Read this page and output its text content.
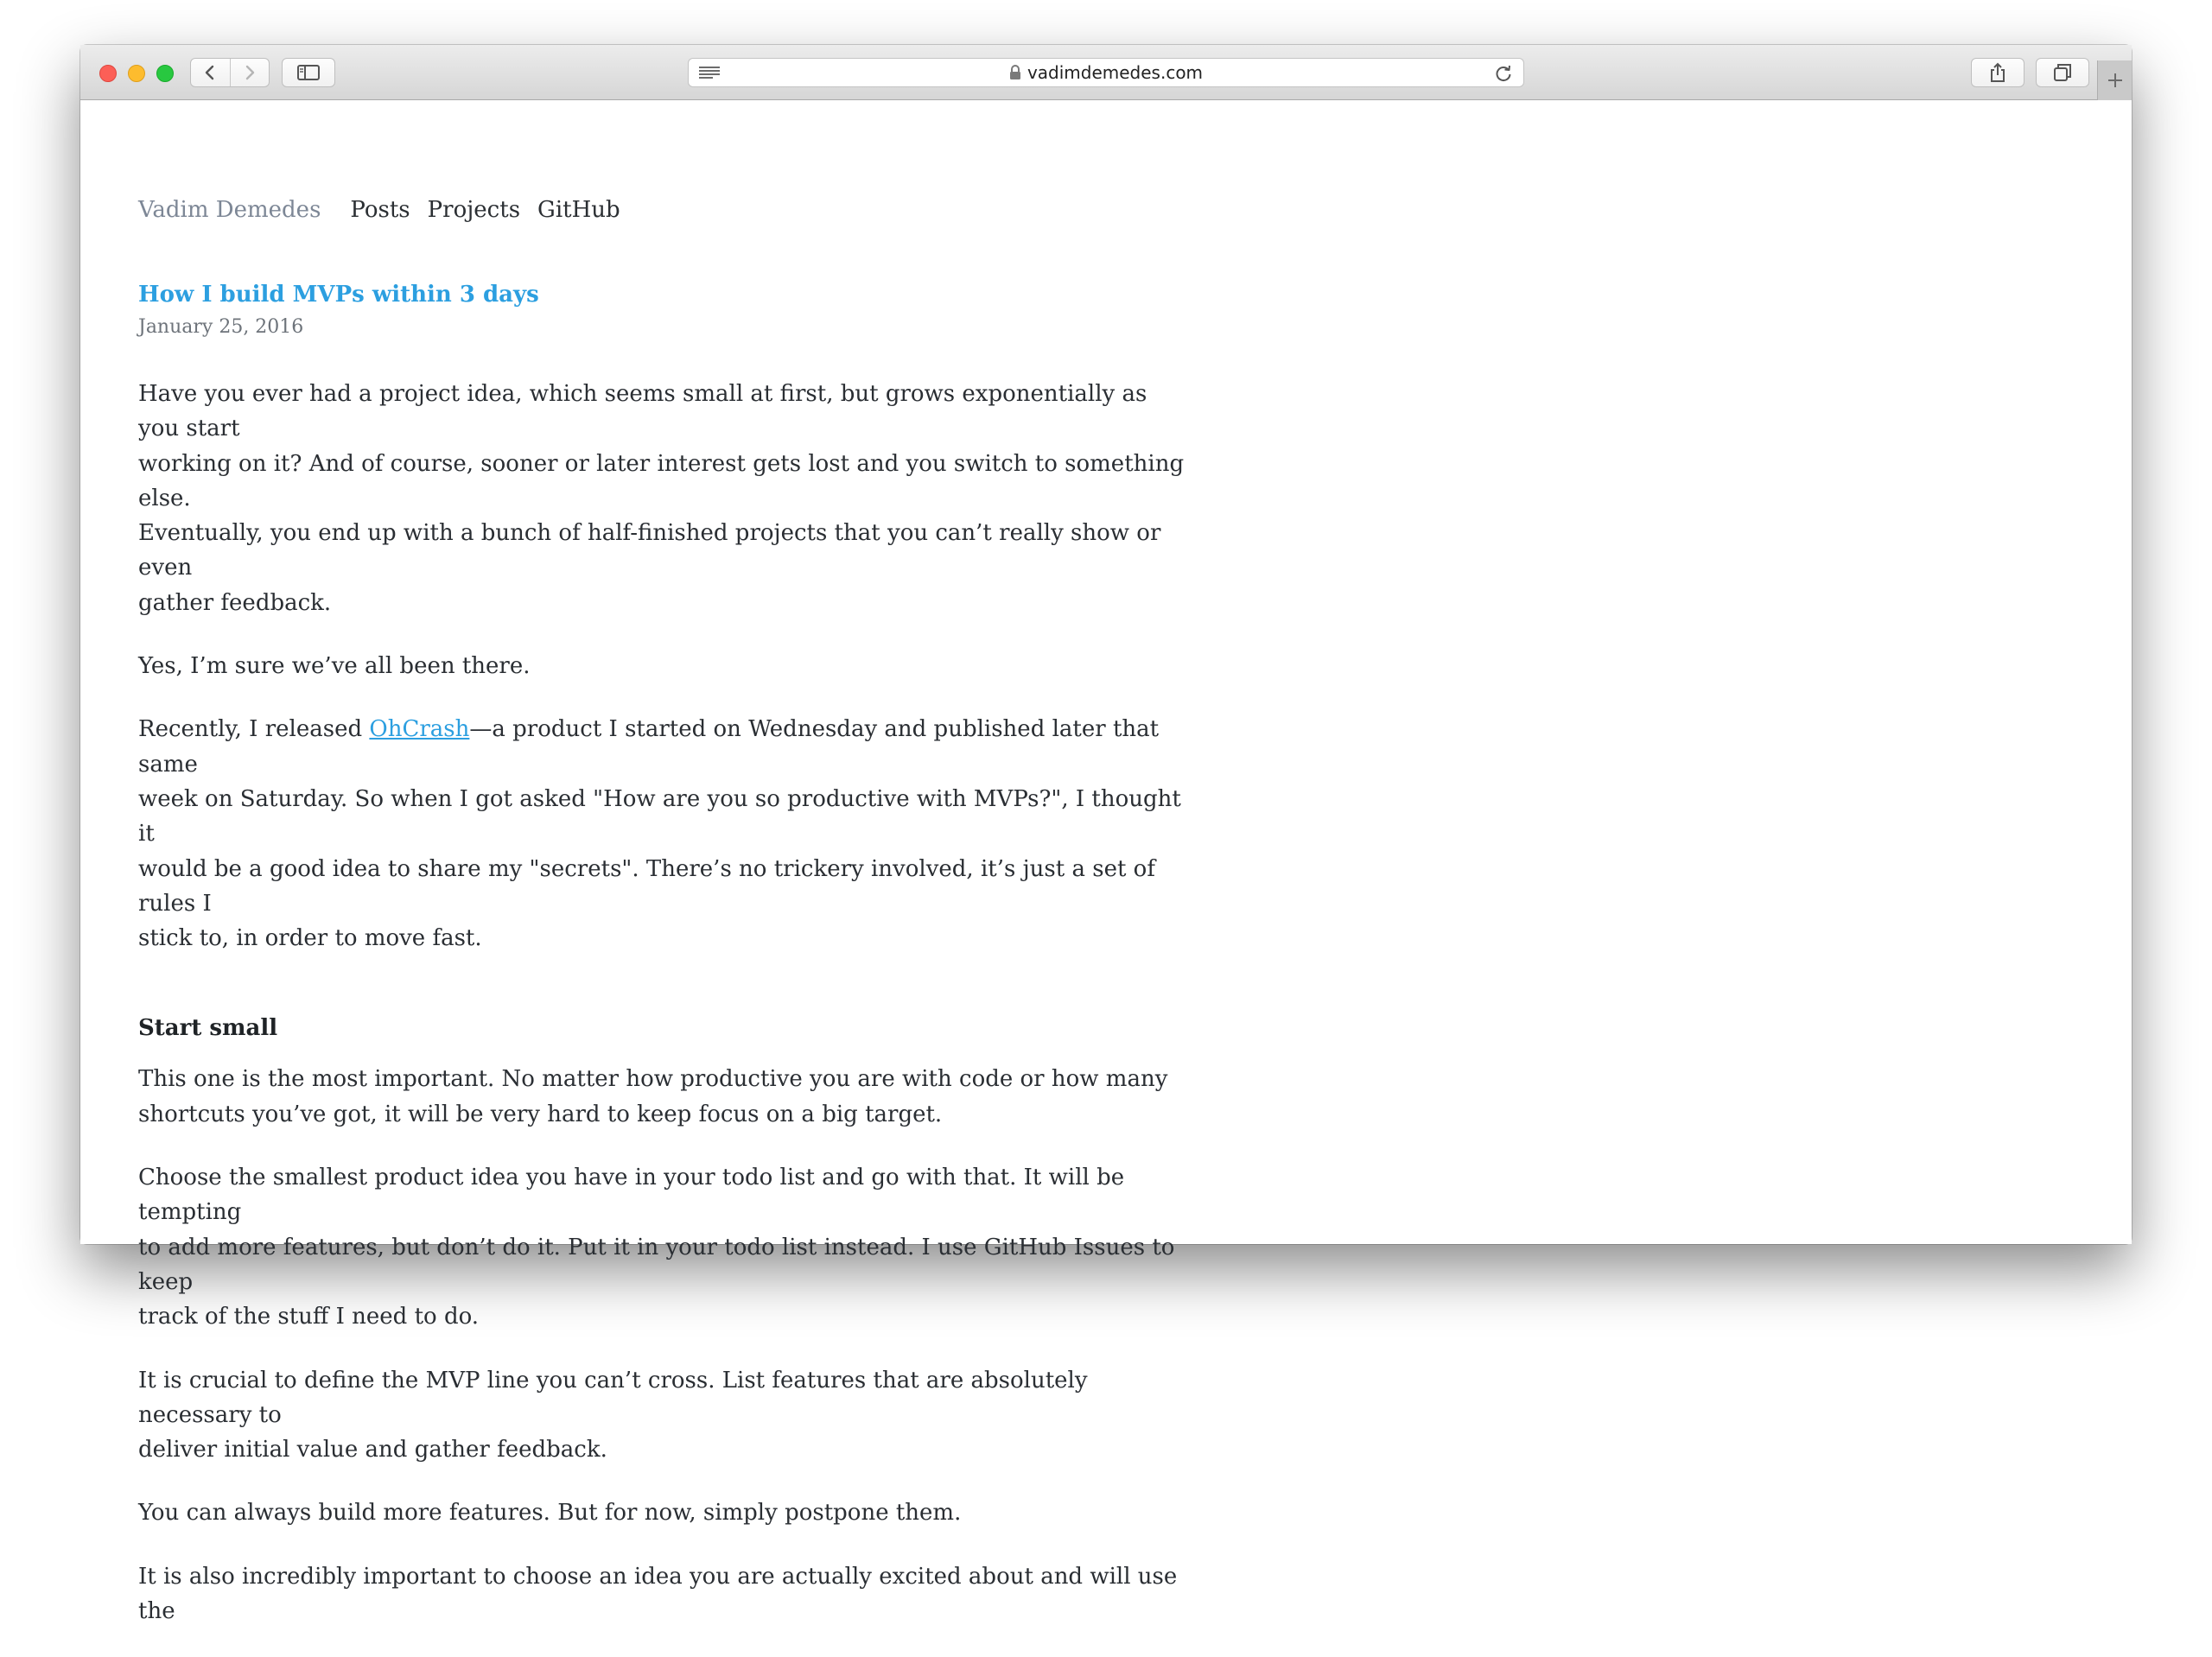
vadimdemedes.com
Vadim Demedes Posts Projects GitHub
How I build MVPs within 3 days
January 25, 2016

Have you ever had a project idea, which seems small at first, but grows exponentially as you start
working on it? And of course, sooner or later interest gets lost and you switch to something else.
Eventually, you end up with a bunch of half-finished projects that you can’t really show or even
gather feedback.

Yes, I’m sure we’ve all been there.

Recently, I released OhCrash—a product I started on Wednesday and published later that same
week on Saturday. So when I got asked "How are you so productive with MVPs?", I thought it
would be a good idea to share my "secrets". There’s no trickery involved, it’s just a set of rules I
stick to, in order to move fast.

Start small

This one is the most important. No matter how productive you are with code or how many
shortcuts you’ve got, it will be very hard to keep focus on a big target.

Choose the smallest product idea you have in your todo list and go with that. It will be tempting
to add more features, but don’t do it. Put it in your todo list instead. I use GitHub Issues to keep
track of the stuff I need to do.

It is crucial to define the MVP line you can’t cross. List features that are absolutely necessary to
deliver initial value and gather feedback.

You can always build more features. But for now, simply postpone them.

It is also incredibly important to choose an idea you are actually excited about and will use the
